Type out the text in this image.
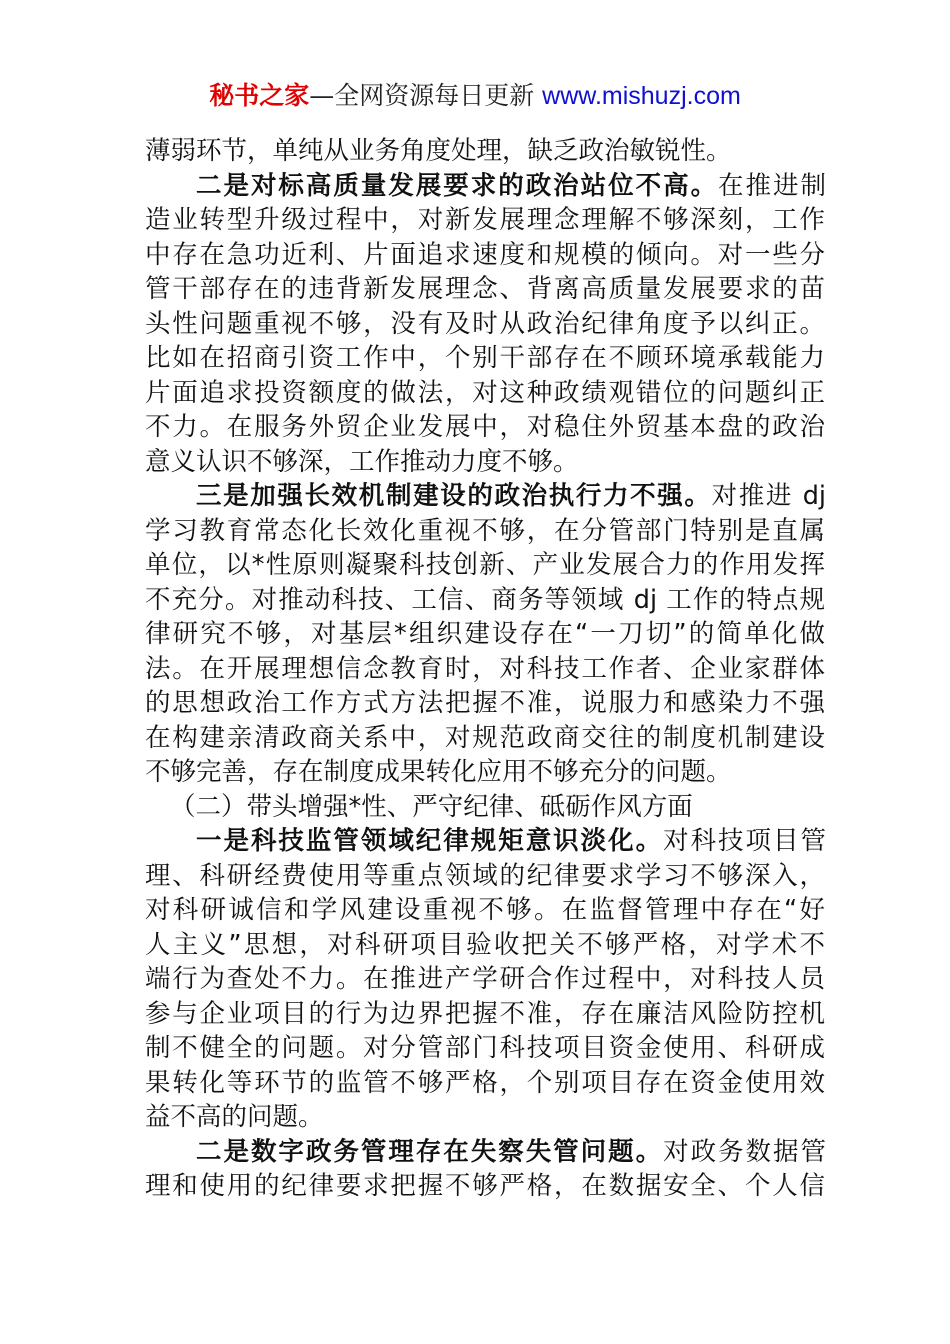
秘书之家—全网资源每日更新 www.mishuzj.com
薄弱环节，单纯从业务角度处理，缺乏政治敏锐性。
二是对标高质量发展要求的政治站位不高。在推进制
造业转型升级过程中，对新发展理念理解不够深刻，工作
中存在急功近利、片面追求速度和规模的倾向。对一些分
管干部存在的违背新发展理念、背离高质量发展要求的苗
头性问题重视不够，没有及时从政治纪律角度予以纠正。
比如在招商引资工作中，个别干部存在不顾环境承载能力
片面追求投资额度的做法，对这种政绩观错位的问题纠正
不力。在服务外贸企业发展中，对稳住外贸基本盘的政治
意义认识不够深，工作推动力度不够。
三是加强长效机制建设的政治执行力不强。对推进 dj
学习教育常态化长效化重视不够，在分管部门特别是直属
单位，以*性原则凝聚科技创新、产业发展合力的作用发挥
不充分。对推动科技、工信、商务等领域 dj 工作的特点规
律研究不够，对基层*组织建设存在“一刀切”的简单化做
法。在开展理想信念教育时，对科技工作者、企业家群体
的思想政治工作方式方法把握不准，说服力和感染力不强
在构建亲清政商关系中，对规范政商交往的制度机制建设
不够完善，存在制度成果转化应用不够充分的问题。
（二）带头增强*性、严守纪律、砥砺作风方面
一是科技监管领域纪律规矩意识淡化。对科技项目管
理、科研经费使用等重点领域的纪律要求学习不够深入，
对科研诚信和学风建设重视不够。在监督管理中存在“好
人主义”思想，对科研项目验收把关不够严格，对学术不
端行为查处不力。在推进产学研合作过程中，对科技人员
参与企业项目的行为边界把握不准，存在廉洁风险防控机
制不健全的问题。对分管部门科技项目资金使用、科研成
果转化等环节的监管不够严格，个别项目存在资金使用效
益不高的问题。
二是数字政务管理存在失察失管问题。对政务数据管
理和使用的纪律要求把握不够严格，在数据安全、个人信
